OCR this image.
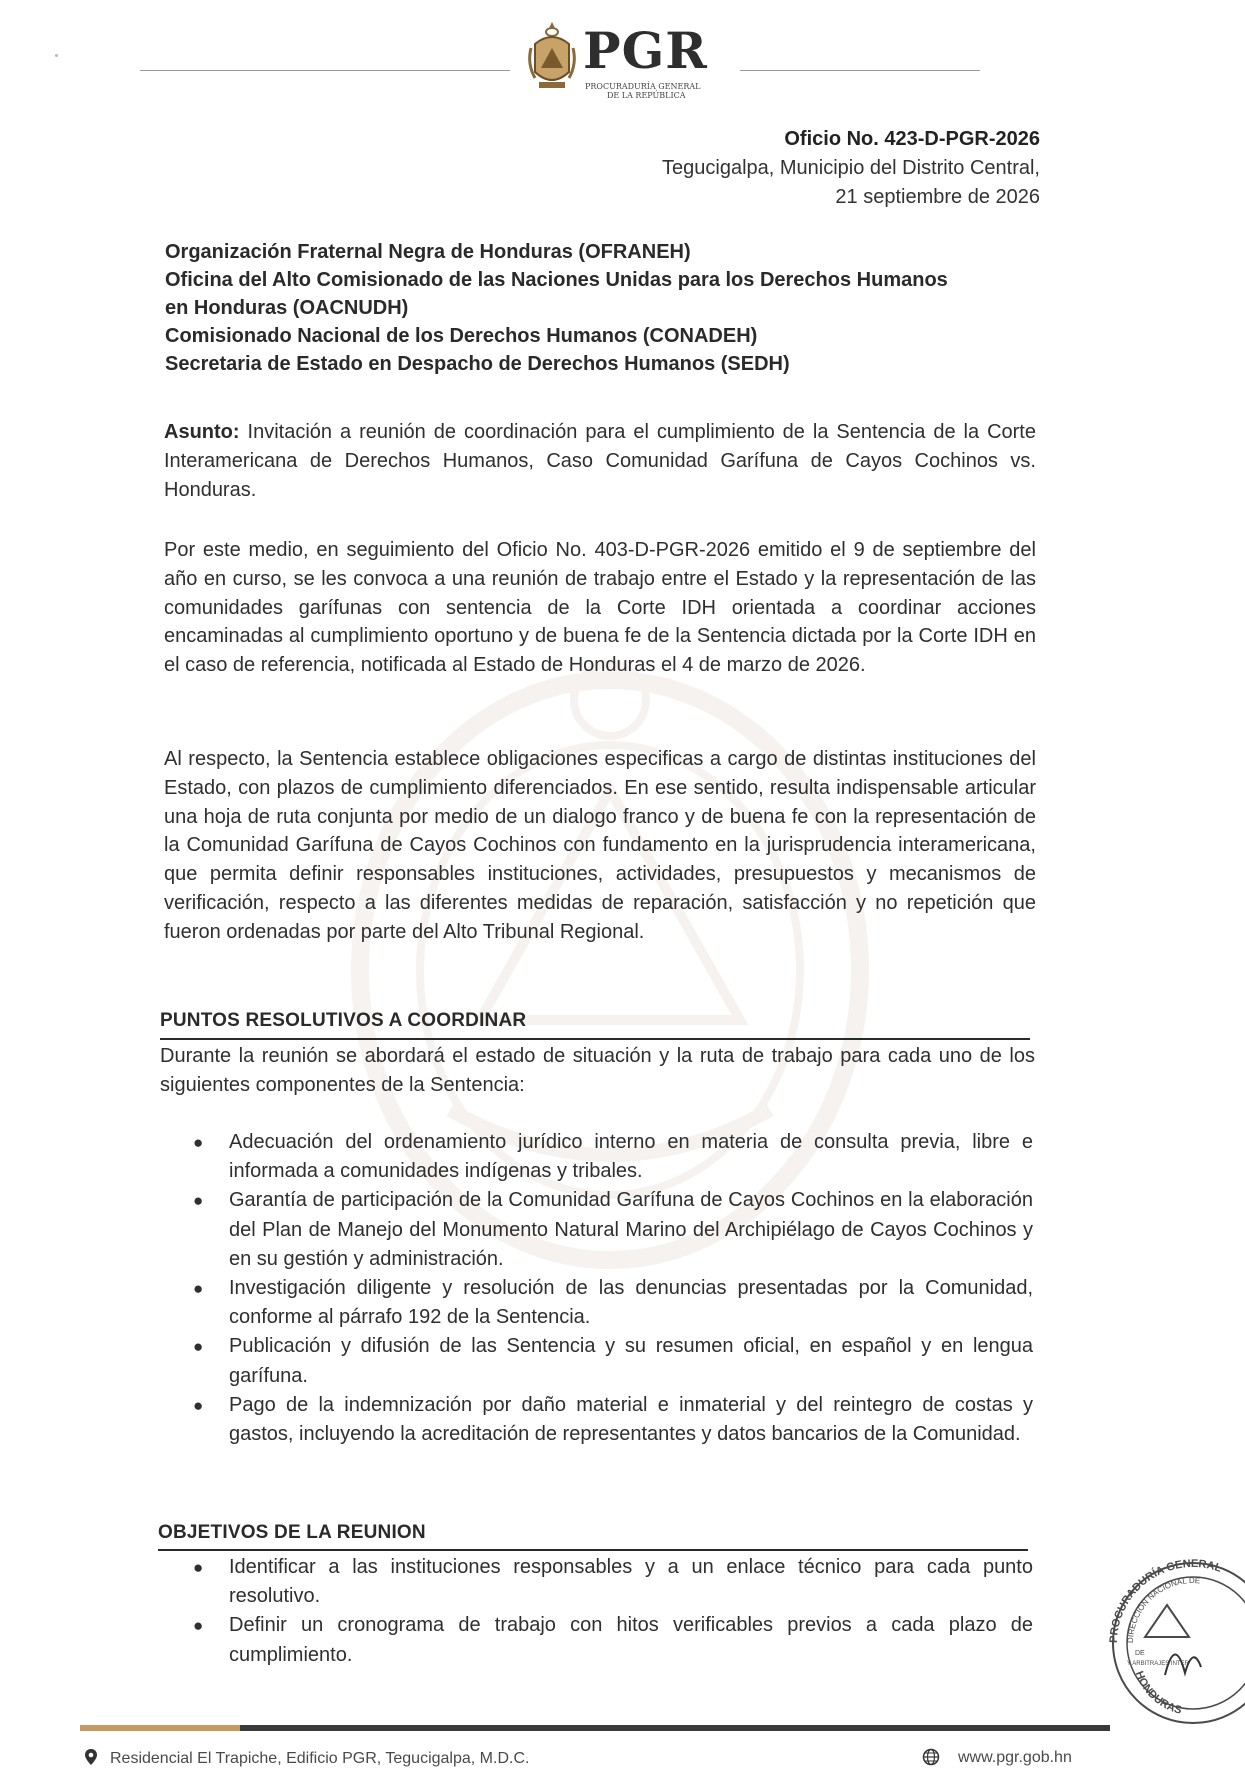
PGR
PROCURADURÍA GENERAL
DE LA REPÚBLICA
Oficio No. 423-D-PGR-2026
Tegucigalpa, Municipio del Distrito Central,
21 septiembre de 2026
Organización Fraternal Negra de Honduras (OFRANEH)
Oficina del Alto Comisionado de las Naciones Unidas para los Derechos Humanos
en Honduras (OACNUDH)
Comisionado Nacional de los Derechos Humanos (CONADEH)
Secretaria de Estado en Despacho de Derechos Humanos (SEDH)
Asunto: Invitación a reunión de coordinación para el cumplimiento de la Sentencia de la Corte Interamericana de Derechos Humanos, Caso Comunidad Garífuna de Cayos Cochinos vs. Honduras.
Por este medio, en seguimiento del Oficio No. 403-D-PGR-2026 emitido el 9 de septiembre del año en curso, se les convoca a una reunión de trabajo entre el Estado y la representación de las comunidades garífunas con sentencia de la Corte IDH orientada a coordinar acciones encaminadas al cumplimiento oportuno y de buena fe de la Sentencia dictada por la Corte IDH en el caso de referencia, notificada al Estado de Honduras el 4 de marzo de 2026.
Al respecto, la Sentencia establece obligaciones especificas a cargo de distintas instituciones del Estado, con plazos de cumplimiento diferenciados. En ese sentido, resulta indispensable articular una hoja de ruta conjunta por medio de un dialogo franco y de buena fe con la representación de la Comunidad Garífuna de Cayos Cochinos con fundamento en la jurisprudencia interamericana, que permita definir responsables instituciones, actividades, presupuestos y mecanismos de verificación, respecto a las diferentes medidas de reparación, satisfacción y no repetición que fueron ordenadas por parte del Alto Tribunal Regional.
PUNTOS RESOLUTIVOS A COORDINAR
Durante la reunión se abordará el estado de situación y la ruta de trabajo para cada uno de los siguientes componentes de la Sentencia:
● Adecuación del ordenamiento jurídico interno en materia de consulta previa, libre e informada a comunidades indígenas y tribales.
● Garantía de participación de la Comunidad Garífuna de Cayos Cochinos en la elaboración del Plan de Manejo del Monumento Natural Marino del Archipiélago de Cayos Cochinos y en su gestión y administración.
● Investigación diligente y resolución de las denuncias presentadas por la Comunidad, conforme al párrafo 192 de la Sentencia.
● Publicación y difusión de las Sentencia y su resumen oficial, en español y en lengua garífuna.
● Pago de la indemnización por daño material e inmaterial y del reintegro de costas y gastos, incluyendo la acreditación de representantes y datos bancarios de la Comunidad.
OBJETIVOS DE LA REUNION
● Identificar a las instituciones responsables y a un enlace técnico para cada punto resolutivo.
● Definir un cronograma de trabajo con hitos verificables previos a cada plazo de cumplimiento.
PROCURADURÍA GENERAL
DIRECCIÓN NACIONAL DE
DE
Y ARBITRAJES INTER
HONDURAS
Residencial El Trapiche, Edificio PGR, Tegucigalpa, M.D.C.	www.pgr.gob.hn
